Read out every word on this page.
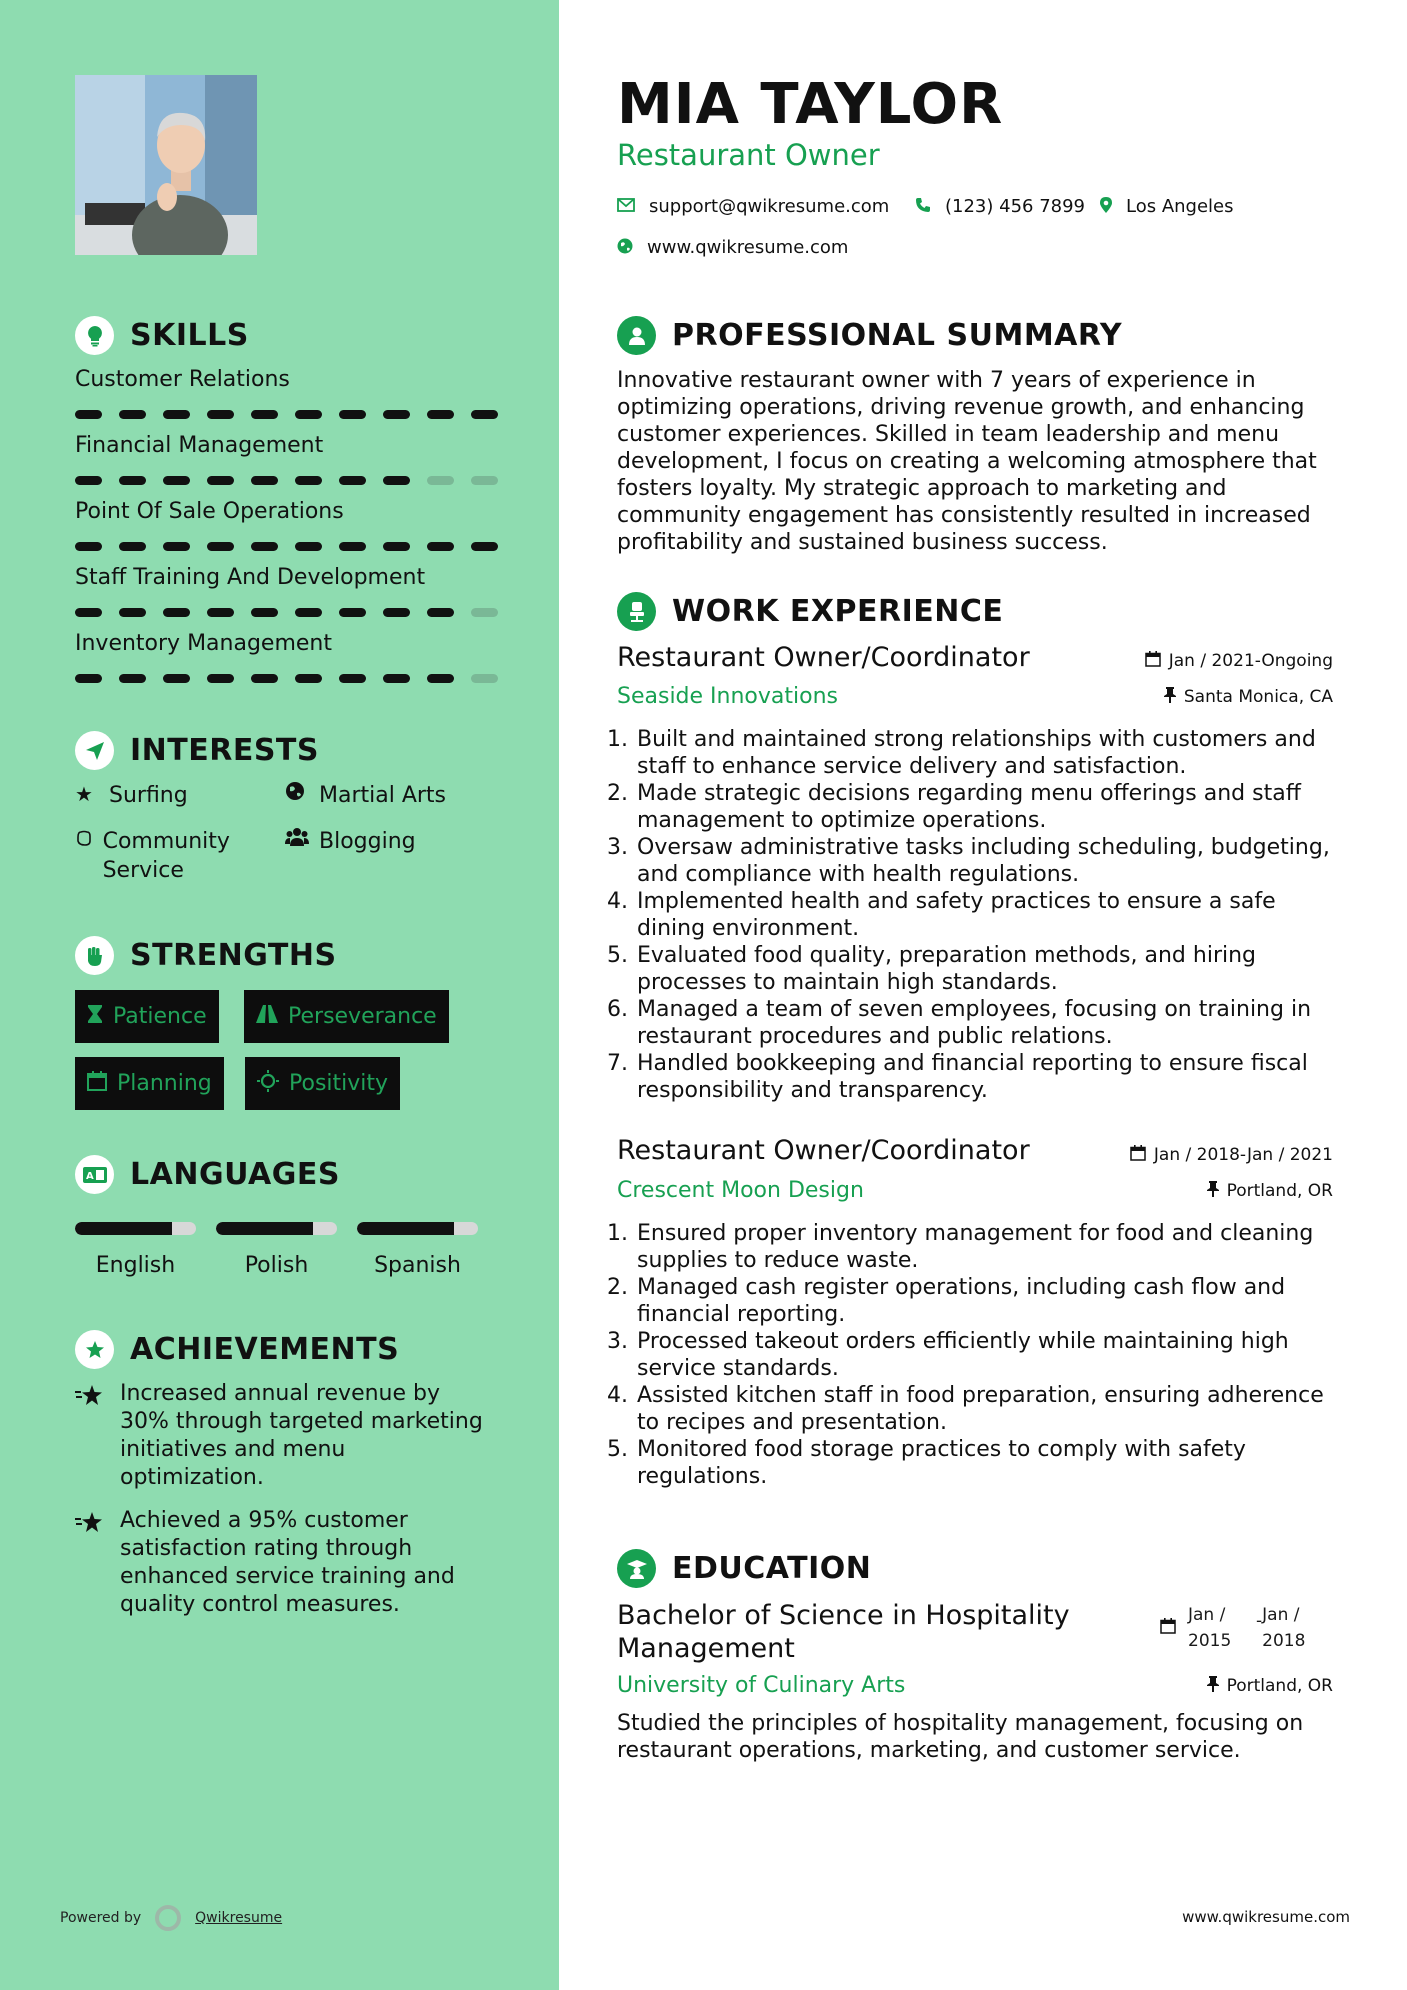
SKILLS
Customer Relations
Financial Management
Point Of Sale Operations
Staff Training And Development
Inventory Management
INTERESTS
★ Surfing	Martial Arts
Community Service
Blogging
STRENGTHS
Patience	Perseverance
Planning	Positivity
A LANGUAGES
English	Polish	Spanish
ACHIEVEMENTS
Increased annual revenue by 30% through targeted marketing initiatives and menu optimization.
Achieved a 95% customer satisfaction rating through enhanced service training and quality control measures.
Powered by	Qwikresume
MIA TAYLOR
Restaurant Owner
support@qwikresume.com	(123) 456 7899 Los Angeles
www.qwikresume.com
PROFESSIONAL SUMMARY
Innovative restaurant owner with 7 years of experience in optimizing operations, driving revenue growth, and enhancing customer experiences. Skilled in team leadership and menu development, I focus on creating a welcoming atmosphere that fosters loyalty. My strategic approach to marketing and community engagement has consistently resulted in increased profitability and sustained business success.
WORK EXPERIENCE
Restaurant Owner/Coordinator	Jan / 2021-Ongoing
Seaside Innovations	Santa Monica, CA
1. Built and maintained strong relationships with customers and staff to enhance service delivery and satisfaction.
2. Made strategic decisions regarding menu offerings and staff management to optimize operations.
3. Oversaw administrative tasks including scheduling, budgeting, and compliance with health regulations.
4. Implemented health and safety practices to ensure a safe dining environment.
5. Evaluated food quality, preparation methods, and hiring processes to maintain high standards.
6. Managed a team of seven employees, focusing on training in restaurant procedures and public relations.
7. Handled bookkeeping and financial reporting to ensure fiscal responsibility and transparency.
Restaurant Owner/Coordinator	Jan / 2018-Jan / 2021
Crescent Moon Design	Portland, OR
1. Ensured proper inventory management for food and cleaning supplies to reduce waste.
2. Managed cash register operations, including cash flow and financial reporting.
3. Processed takeout orders efficiently while maintaining high service standards.
4. Assisted kitchen staff in food preparation, ensuring adherence to recipes and presentation.
5. Monitored food storage practices to comply with safety regulations.
EDUCATION
Bachelor of Science in Hospitality Management
Jan / 2015
- Jan / 2018
University of Culinary Arts	Portland, OR
Studied the principles of hospitality management, focusing on restaurant operations, marketing, and customer service.
www.qwikresume.com
